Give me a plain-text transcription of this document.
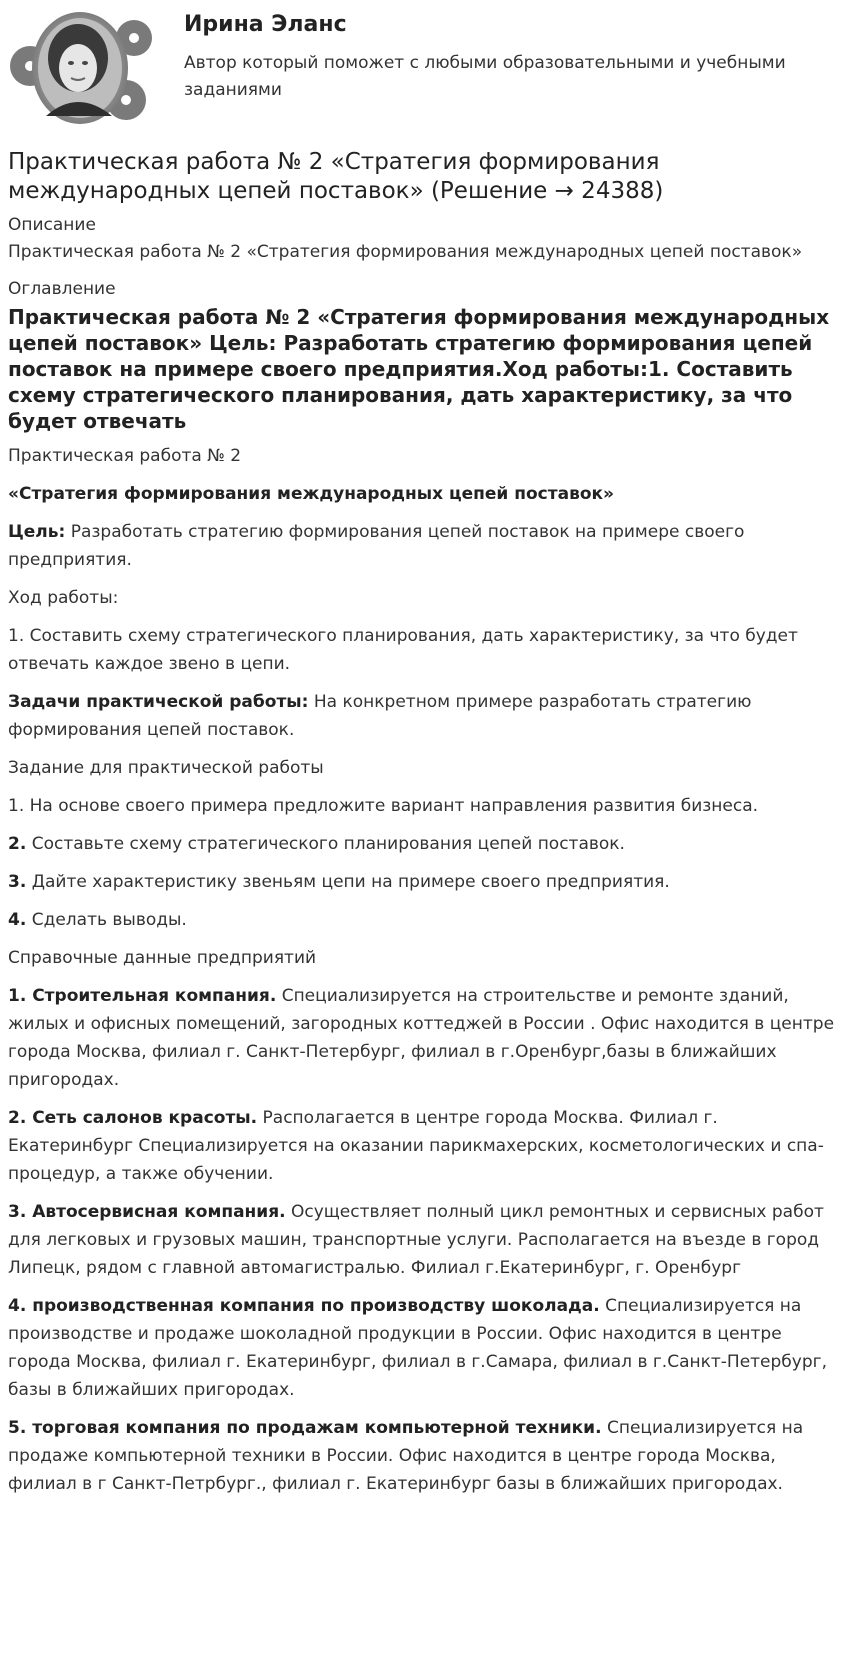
Ирина Эланс
Автор который поможет с любыми образовательными и учебными заданиями
Практическая работа № 2 «Стратегия формирования международных цепей поставок» (Решение → 24388)
Описание
Практическая работа № 2 «Стратегия формирования международных цепей поставок»
Оглавление
Практическая работа № 2 «Стратегия формирования международных цепей поставок» Цель: Разработать стратегию формирования цепей поставок на примере своего предприятия.Ход работы:1. Составить схему стратегического планирования, дать характеристику, за что будет отвечать

Практическая работа № 2

«Стратегия формирования международных цепей поставок»

Цель: Разработать стратегию формирования цепей поставок на примере своего предприятия.

Ход работы:

1. Составить схему стратегического планирования, дать характеристику, за что будет отвечать каждое звено в цепи.

Задачи практической работы: На конкретном примере разработать стратегию формирования цепей поставок.

Задание для практической работы

1. На основе своего примера предложите вариант направления развития бизнеса.

2. Составьте схему стратегического планирования цепей поставок.

3. Дайте характеристику звеньям цепи на примере своего предприятия.

4. Сделать выводы.

Справочные данные предприятий

1. Строительная компания. Специализируется на строительстве и ремонте зданий, жилых и офисных помещений, загородных коттеджей в России . Офис находится в центре города Москва, филиал г. Санкт-Петербург, филиал в г.Оренбург,базы в ближайших пригородах.

2. Сеть салонов красоты. Располагается в центре города Москва. Филиал г. Екатеринбург Специализируется на оказании парикмахерских, косметологических и спа-процедур, а также обучении.

3. Автосервисная компания. Осуществляет полный цикл ремонтных и сервисных работ для легковых и грузовых машин, транспортные услуги. Располагается на въезде в город Липецк, рядом с главной автомагистралью. Филиал г.Екатеринбург, г. Оренбург

4. производственная компания по производству шоколада. Специализируется на производстве и продаже шоколадной продукции в России. Офис находится в центре города Москва, филиал г. Екатеринбург, филиал в г.Самара, филиал в г.Санкт-Петербург, базы в ближайших пригородах.

5. торговая компания по продажам компьютерной техники. Специализируется на продаже компьютерной техники в России. Офис находится в центре города Москва, филиал в г Санкт-Петрбург., филиал г. Екатеринбург базы в ближайших пригородах.
